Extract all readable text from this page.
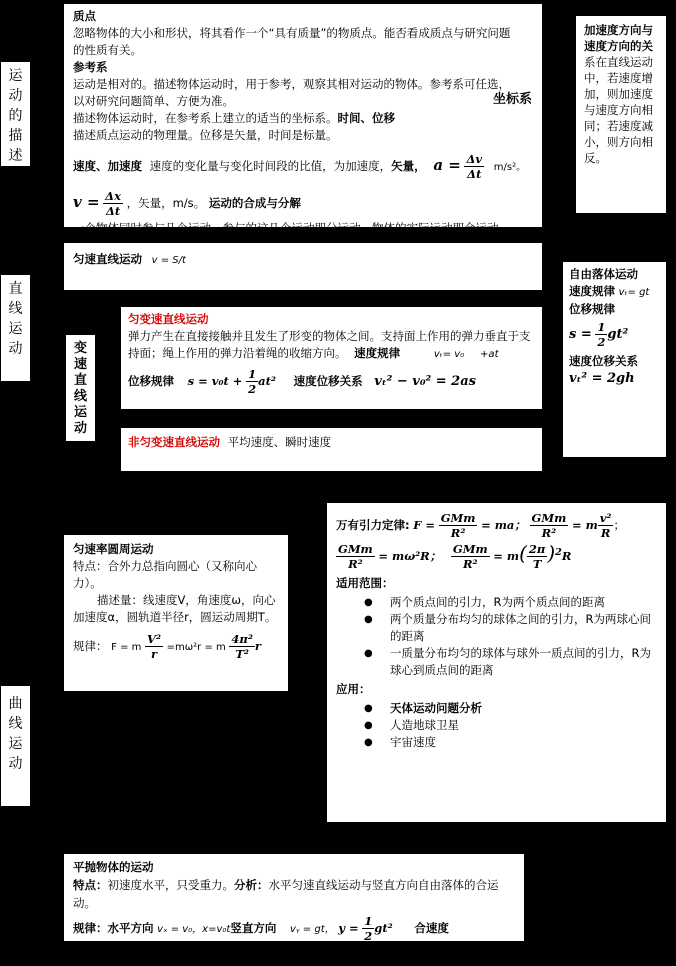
运
动
的
描
述
直
线
运
动	变
速
直
线
运
动
曲
线
运
动

质点

忽略物体的大小和形状，将其看作一个“具有质量”的物质点。能否看成质点与研究问题的性质有关。

参考系

运动是相对的。描述物体运动时，用于参考，观察其相对运动的物体。参考系可任选，

以对研究问题简单、方便为准。	坐标系

描述物体运动时，在参考系上建立的适当的坐标系。时间、位移

描述质点运动的物理量。位移是矢量，时间是标量。

速度、加速度 速度的变化量与变化时间段的比值，为加速度，矢量， $a = \frac{\Delta v}{\Delta t} m/s^2$。

$v = \frac{\Delta x}{\Delta t}$ ，矢量，m/s。 运动的合成与分解

一个物体同时参与几个运动，参与的这几个运动即分运动，物体的实际运动即合运动。

加速度方向与

速度方向的关

系在直线运动中，若速度增加，则加速度与速度方向相同；若速度减小，则方向相反。

匀速直线运动 v = S/t

自由落体运动

速度规律 vₜ= gt

位移规律

$s = \frac{1}{2} gt^2$

速度位移关系

vₜ² = 2gh

匀变速直线运动

弹力产生在直接接触并且发生了形变的物体之间。支持面上作用的弹力垂直于支持面；绳上作用的弹力沿着绳的收缩方向。 速度规律	vₜ= v₀     +at

位移规律 $s = v_0t + \frac{1}{2} at^2$ 速度位移关系 vₜ² − v₀² = 2as

非匀变速直线运动 平均速度、瞬时速度

匀速率圆周运动

特点：合外力总指向圆心（又称向心力）。

描述量：线速度V，角速度ω，向心加速度α，圆轨道半径r，圆运动周期T。

规律： F = m $\frac{\text{V²}}{r} =m\omega^2r = m \frac{\text{4π²}}{\text{T²}}$ r

万有引力定律: $F = \frac{\text{GMm}}{\text{R²}}$ = ma； $\frac{\text{GMm}}{\text{R²}} = m \frac{\text{v²}}{R}$ ；

$\frac{\text{GMm}}{\text{R²}} = m\omega^2R$； $\frac{\text{GMm}}{\text{R²}} = m( \frac{2\pi}{T} )^2R$

适用范围：

● 两个质点间的引力，R为两个质点间的距离
● 两个质量分布均匀的球体之间的引力，R为两球心间的距离
● 一质量分布均匀的球体与球外一质点间的引力，R为球心到质点间的距离

应用：

● 天体运动问题分析
● 人造地球卫星
● 宇宙速度

平抛物体的运动

特点：初速度水平，只受重力。分析：水平匀速直线运动与竖直方向自由落体的合运动。

规律：水平方向 vₓ = v₀，x=v₀t竖直方向 vᵧ = gt， $y = \frac{1}{2} gt^2$ 合速度

vₜ = √(vₓ² + vᵧ²) 与x正向夹角tanθ= tanθ = vᵧ/vₓ
